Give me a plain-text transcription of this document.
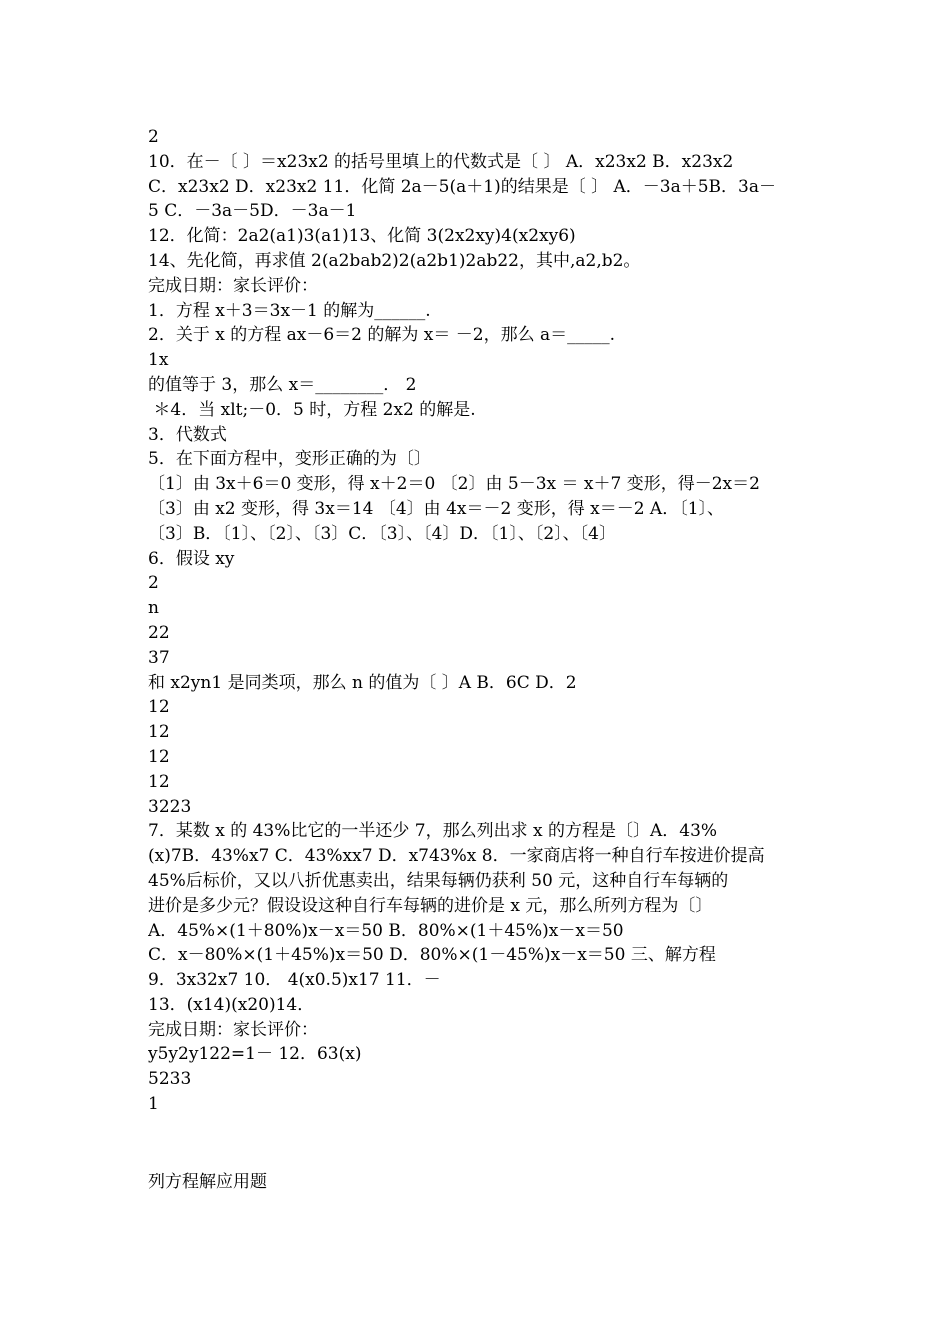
2
10．在－〔 〕＝x23x2 的括号里填上的代数式是〔 〕 A．x23x2 B．x23x2
C．x23x2 D．x23x2 11．化简 2a－5(a＋1)的结果是〔 〕 A．－3a＋5B．3a－
5 C．－3a－5D．－3a－1
12．化简：2a2(a1)3(a1)13、化简 3(2x2xy)4(x2xy6)
14、先化简，再求值 2(a2bab2)2(a2b1)2ab22，其中,a2,b2。
完成日期：家长评价：
1．方程 x＋3＝3x－1 的解为______.
2．关于 x 的方程 ax－6＝2 的解为 x＝ －2，那么 a＝_____.
1x
的值等于 3，那么 x＝________． 2
＊4．当 xlt;－0．5 时，方程 2x2 的解是.
3．代数式
5．在下面方程中，变形正确的为〔〕
〔1〕由 3x＋6＝0 变形，得 x＋2＝0 〔2〕由 5－3x ＝ x＋7 变形，得－2x＝2
〔3〕由 x2 变形，得 3x＝14 〔4〕由 4x＝－2 变形，得 x＝－2 A．〔1〕、
〔3〕B．〔1〕、〔2〕、〔3〕C．〔3〕、〔4〕D．〔1〕、〔2〕、〔4〕
6．假设 xy
2
n
22
37
和 x2yn1 是同类项，那么 n 的值为〔 〕A B．6C D．2
12
12
12
12
3223
7．某数 x 的 43%比它的一半还少 7，那么列出求 x 的方程是〔〕A．43%
(x)7B．43%x7 C．43%xx7 D．x743%x 8．一家商店将一种自行车按进价提高
45%后标价，又以八折优惠卖出，结果每辆仍获利 50 元，这种自行车每辆的
进价是多少元？假设设这种自行车每辆的进价是 x 元，那么所列方程为〔〕
A．45%×(1＋80%)x－x＝50 B．80%×(1＋45%)x－x＝50
C．x－80%×(1＋45%)x＝50 D．80%×(1－45%)x－x＝50 三、解方程
9．3x32x7 10． 4(x0.5)x17 11．－
13．(x14)(x20)14．
完成日期：家长评价：
y5y2y122=1－ 12．63(x)
5233
1
列方程解应用题
